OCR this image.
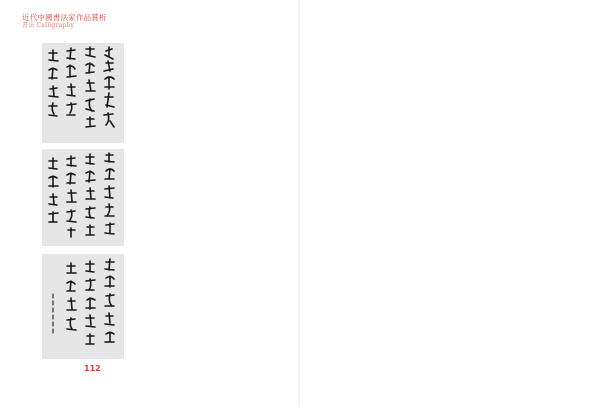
近代中國書法家作品賞析
書法 Calligraphy
112
